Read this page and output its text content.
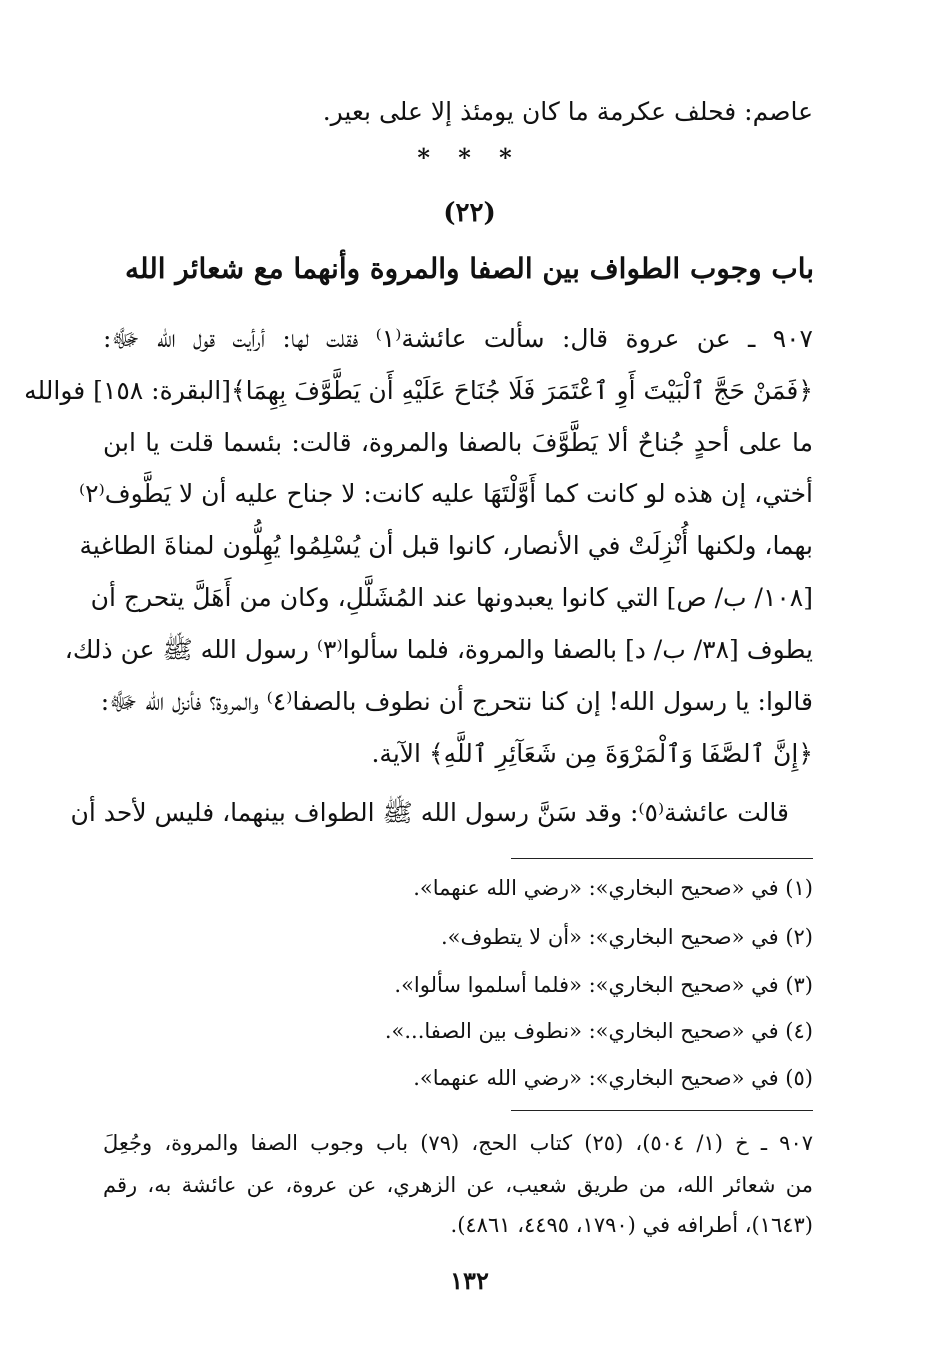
عاصم: فحلف عكرمة ما كان يومئذ إلا على بعير.
* * *
(٢٢)
باب وجوب الطواف بين الصفا والمروة وأنهما مع شعائر الله
٩٠٧ ـ عن عروة قال: سألت عائشة⁽١⁾ فقلت لها: أرأيت قول الله ﷻ:
﴿فَمَنْ حَجَّ ٱلْبَيْتَ أَوِ ٱعْتَمَرَ فَلَا جُنَاحَ عَلَيْهِ أَن يَطَّوَّفَ بِهِمَا﴾[البقرة: ١٥٨] فوالله
ما على أحدٍ جُناحٌ ألا يَطَّوَّفَ بالصفا والمروة، قالت: بئسما قلت يا ابن
أختي، إن هذه لو كانت كما أَوَّلْتَهَا عليه كانت: لا جناح عليه أن لا يَطَّوف⁽٢⁾
بهما، ولكنها أُنْزِلَتْ في الأنصار، كانوا قبل أن يُسْلِمُوا يُهِلُّون لمناةَ الطاغية
[١٠٨/ ب/ ص] التي كانوا يعبدونها عند المُشَلَّلِ، وكان من أَهَلَّ يتحرج أن
يطوف [٣٨/ ب/ د] بالصفا والمروة، فلما سألوا⁽٣⁾ رسول الله ﷺ عن ذلك،
قالوا: يا رسول الله! إن كنا نتحرج أن نطوف بالصفا⁽٤⁾ والمروة؟ فأنزل الله ﷻ:
﴿إِنَّ ٱلصَّفَا وَٱلْمَرْوَةَ مِن شَعَآئِرِ ٱللَّهِ﴾ الآية.
قالت عائشة⁽٥⁾: وقد سَنَّ رسول الله ﷺ الطواف بينهما، فليس لأحد أن
(١) في «صحيح البخاري»: «رضي الله عنهما».
(٢) في «صحيح البخاري»: «أن لا يتطوف».
(٣) في «صحيح البخاري»: «فلما أسلموا سألوا».
(٤) في «صحيح البخاري»: «نطوف بين الصفا...».
(٥) في «صحيح البخاري»: «رضي الله عنهما».
٩٠٧ ـ خ (١/ ٥٠٤)، (٢٥) كتاب الحج، (٧٩) باب وجوب الصفا والمروة، وجُعِلَ
من شعائر الله، من طريق شعيب، عن الزهري، عن عروة، عن عائشة به، رقم
(١٦٤٣)، أطرافه في (١٧٩٠، ٤٤٩٥، ٤٨٦١).
١٣٢
